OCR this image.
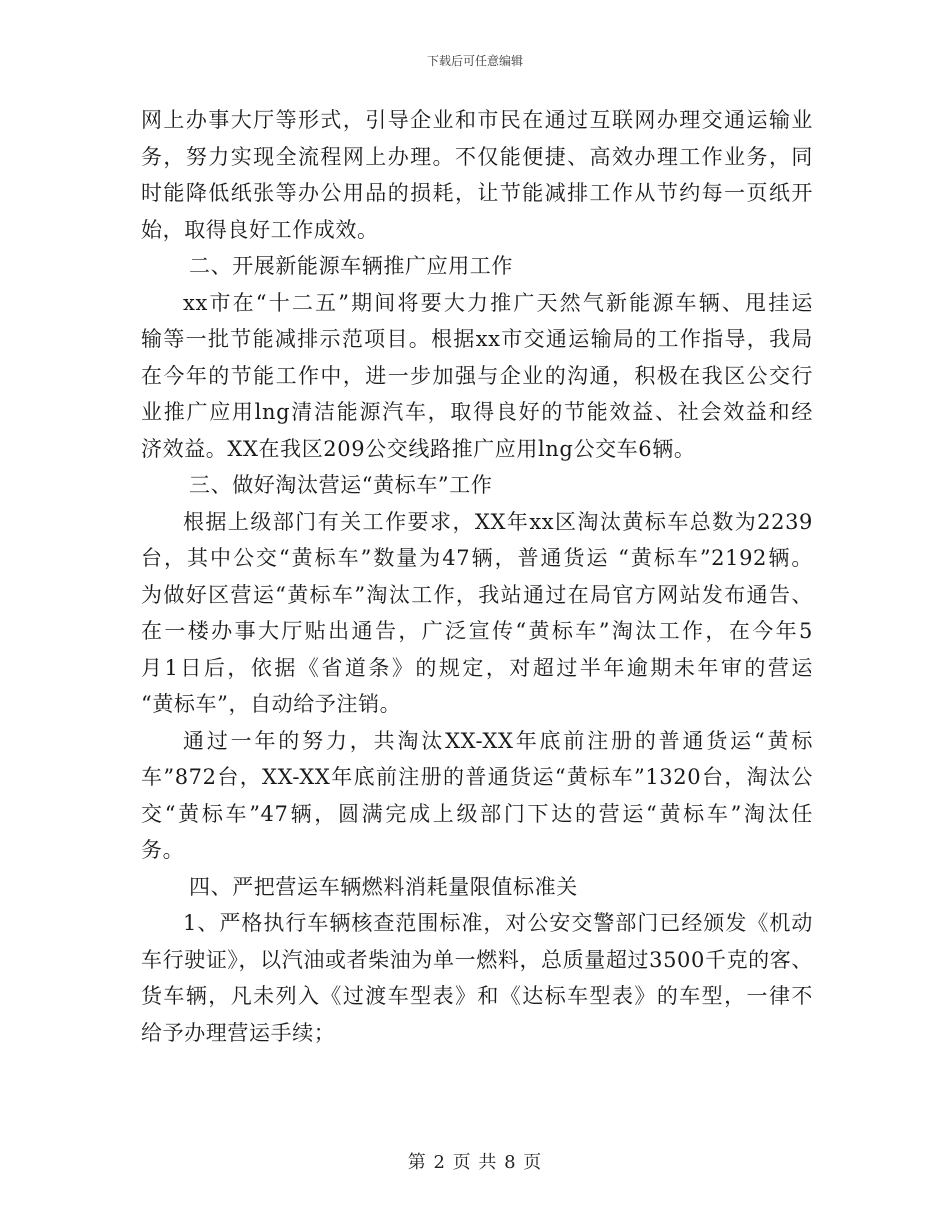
下载后可任意编辑
网上办事大厅等形式，引导企业和市民在通过互联网办理交通运输业
务，努力实现全流程网上办理。不仅能便捷、高效办理工作业务，同
时能降低纸张等办公用品的损耗，让节能减排工作从节约每一页纸开
始，取得良好工作成效。
二、开展新能源车辆推广应用工作
xx市在“十二五”期间将要大力推广天然气新能源车辆、甩挂运
输等一批节能减排示范项目。根据xx市交通运输局的工作指导，我局
在今年的节能工作中，进一步加强与企业的沟通，积极在我区公交行
业推广应用lng清洁能源汽车，取得良好的节能效益、社会效益和经
济效益。XX在我区209公交线路推广应用lng公交车6辆。
三、做好淘汰营运“黄标车”工作
根据上级部门有关工作要求，XX年xx区淘汰黄标车总数为2239
台，其中公交“黄标车”数量为47辆，普通货运 “黄标车”2192辆。
为做好区营运“黄标车”淘汰工作，我站通过在局官方网站发布通告、
在一楼办事大厅贴出通告，广泛宣传“黄标车”淘汰工作，在今年5
月1日后，依据《省道条》的规定，对超过半年逾期未年审的营运
“黄标车”，自动给予注销。
通过一年的努力，共淘汰XX-XX年底前注册的普通货运“黄标
车”872台，XX-XX年底前注册的普通货运“黄标车”1320台，淘汰公
交“黄标车”47辆，圆满完成上级部门下达的营运“黄标车”淘汰任
务。
四、严把营运车辆燃料消耗量限值标准关
1、严格执行车辆核查范围标准，对公安交警部门已经颁发《机动
车行驶证》，以汽油或者柴油为单一燃料，总质量超过3500千克的客、
货车辆，凡未列入《过渡车型表》和《达标车型表》的车型，一律不
给予办理营运手续；
第 2 页 共 8 页
